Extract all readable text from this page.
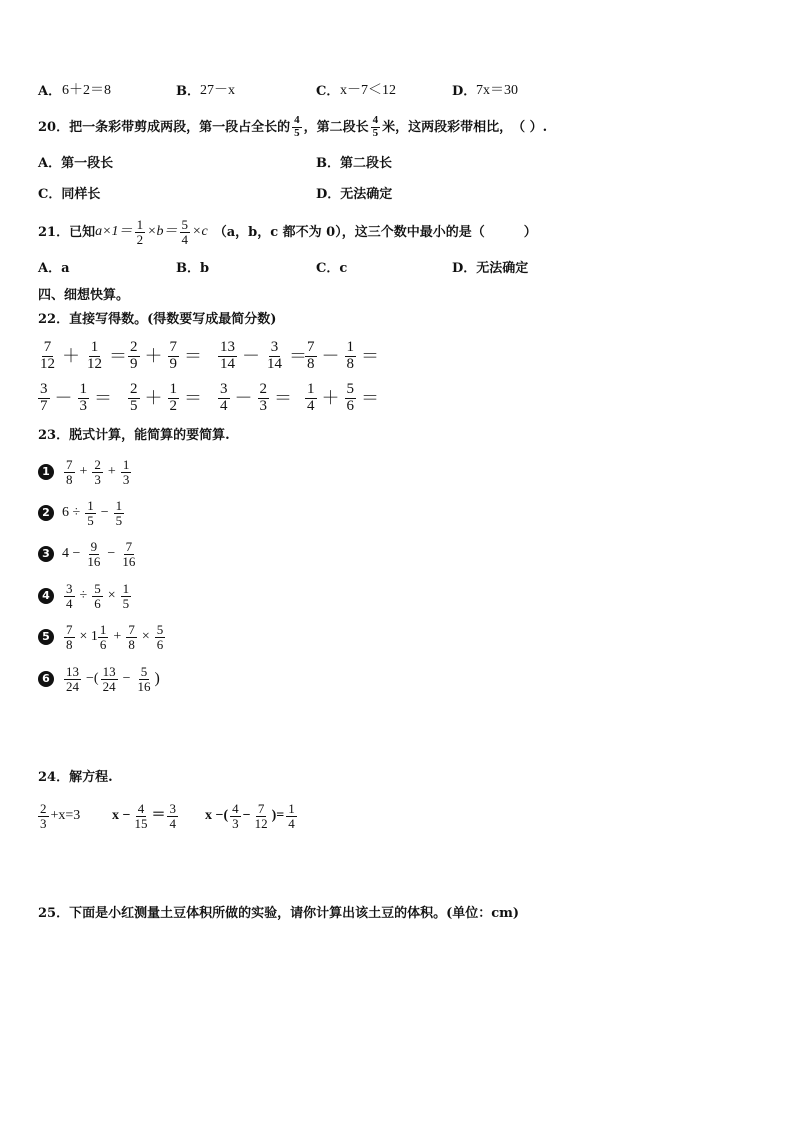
A． 6＋2＝8	B． 27－x	C． x－7＜12	D． 7x＝30
20． 把一条彩带剪成两段，第一段占全长的 $\frac{4}{5}$ ，第二段长 $\frac{4}{5}$ 米，这两段彩带相比，　（ ）.
A．第一段长	B．第二段长
C．同样长	D．无法确定
21． 已知 $a\times 1= \frac{1}{2} \times b= \frac{5}{4} \times c$ （a，b，c 都不为 0），这三个数中最小的是（　　　）
A．a	B．b	C．c	D．无法确定
四、细想快算。
22．直接写得数。(得数要写成最简分数)
$\frac{7}{12} + \frac{1}{12} = \frac{2}{9} + \frac{7}{9} = \frac{13}{14} - \frac{3}{14}$ ＝
$\frac{7}{8} - \frac{1}{8}$ ＝
$\frac{3}{7} - \frac{1}{3} = \frac{2}{5} + \frac{1}{2} = \frac{3}{4} - \frac{2}{3} = \frac{1}{4} + \frac{5}{6}$ ＝
23．脱式计算，能简算的要简算.
1	$\frac{7}{8} + \frac{2}{3} + \frac{1}{3}$
2 $6 \div \frac{1}{5} - \frac{1}{5}$
3 $4 - \frac{9}{16} - \frac{7}{16}$
4	$\frac{3}{4} \div \frac{5}{6} \times \frac{1}{5}$
5	$\frac{7}{8} \times 1 \frac{1}{6} + \frac{7}{8} \times \frac{5}{6}$
6	$\frac{13}{24}$ −( $\frac{13}{24} - \frac{5}{16}$ )
24．解方程.
$\frac{2}{3} +x=3$ $x - \frac{4}{15} = \frac{3}{4}$ x −( $\frac{4}{3} - \frac{7}{12}$ )= $\frac{1}{4}$
25．下面是小红测量土豆体积所做的实验，请你计算出该土豆的体积。(单位：cm)
